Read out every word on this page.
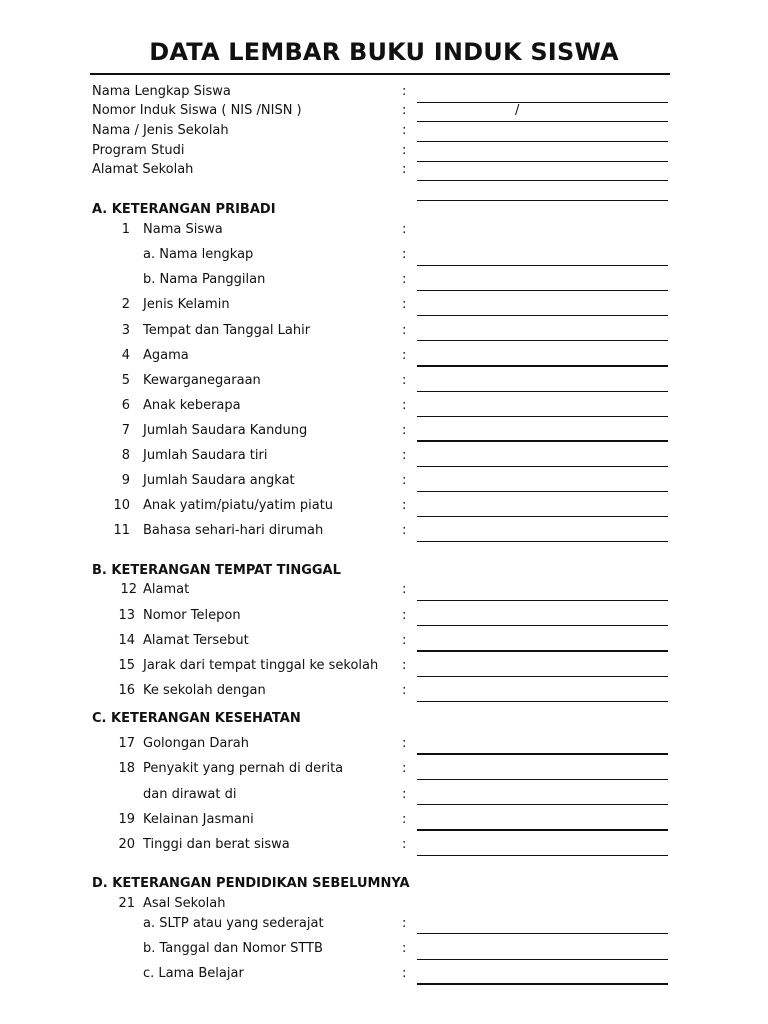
DATA LEMBAR BUKU INDUK SISWA
Nama Lengkap Siswa	:
Nomor Induk Siswa ( NIS /NISN )	:	/
Nama / Jenis Sekolah	:
Program Studi	:
Alamat Sekolah	:
A. KETERANGAN PRIBADI
1 Nama Siswa	:
a. Nama lengkap	:
b. Nama Panggilan	:
2 Jenis Kelamin	:
3 Tempat dan Tanggal Lahir	:
4 Agama	:
5 Kewarganegaraan	:
6 Anak keberapa	:
7 Jumlah Saudara Kandung	:
8 Jumlah Saudara tiri	:
9 Jumlah Saudara angkat	:
10 Anak yatim/piatu/yatim piatu	:
11 Bahasa sehari-hari dirumah	:
B. KETERANGAN TEMPAT TINGGAL
12 Alamat	:
13 Nomor Telepon	:
14 Alamat Tersebut	:
15 Jarak dari tempat tinggal ke sekolah :
16 Ke sekolah dengan	:
C. KETERANGAN KESEHATAN
17 Golongan Darah	:
18 Penyakit yang pernah di derita	:
dan dirawat di	:
19 Kelainan Jasmani	:
20 Tinggi dan berat siswa	:
D. KETERANGAN PENDIDIKAN SEBELUMNYA
21 Asal Sekolah
a. SLTP atau yang sederajat	:
b. Tanggal dan Nomor STTB	:
c. Lama Belajar	:
